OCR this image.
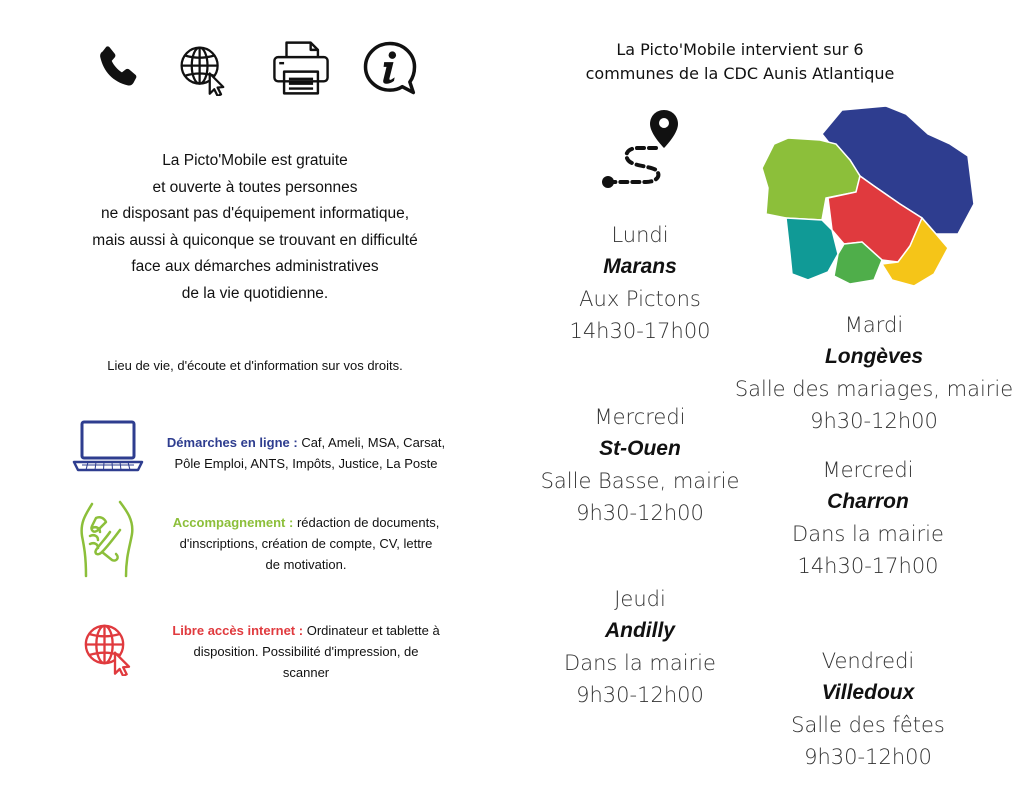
La Picto'Mobile est gratuite
et ouverte à toutes personnes
ne disposant pas d'équipement informatique,
mais aussi à quiconque se trouvant en difficulté
face aux démarches administratives
de la vie quotidienne.
Lieu de vie, d'écoute et d'information sur vos droits.
Démarches en ligne : Caf, Ameli, MSA, Carsat,
Pôle Emploi, ANTS, Impôts, Justice, La Poste
Accompagnement : rédaction de documents,
d'inscriptions, création de compte, CV, lettre
de motivation.
Libre accès internet : Ordinateur et tablette à
disposition. Possibilité d'impression, de
scanner
La Picto'Mobile intervient sur 6
communes de la CDC Aunis Atlantique
Lundi
Marans
Aux Pictons
14h30-17h00	Mardi
Longèves
Salle des mariages, mairie
9h30-12h00
Mercredi
St-Ouen
Salle Basse, mairie
9h30-12h00
Mercredi
Charron
Dans la mairie
14h30-17h00
Jeudi
Andilly
Dans la mairie
9h30-12h00
Vendredi
Villedoux
Salle des fêtes
9h30-12h00
